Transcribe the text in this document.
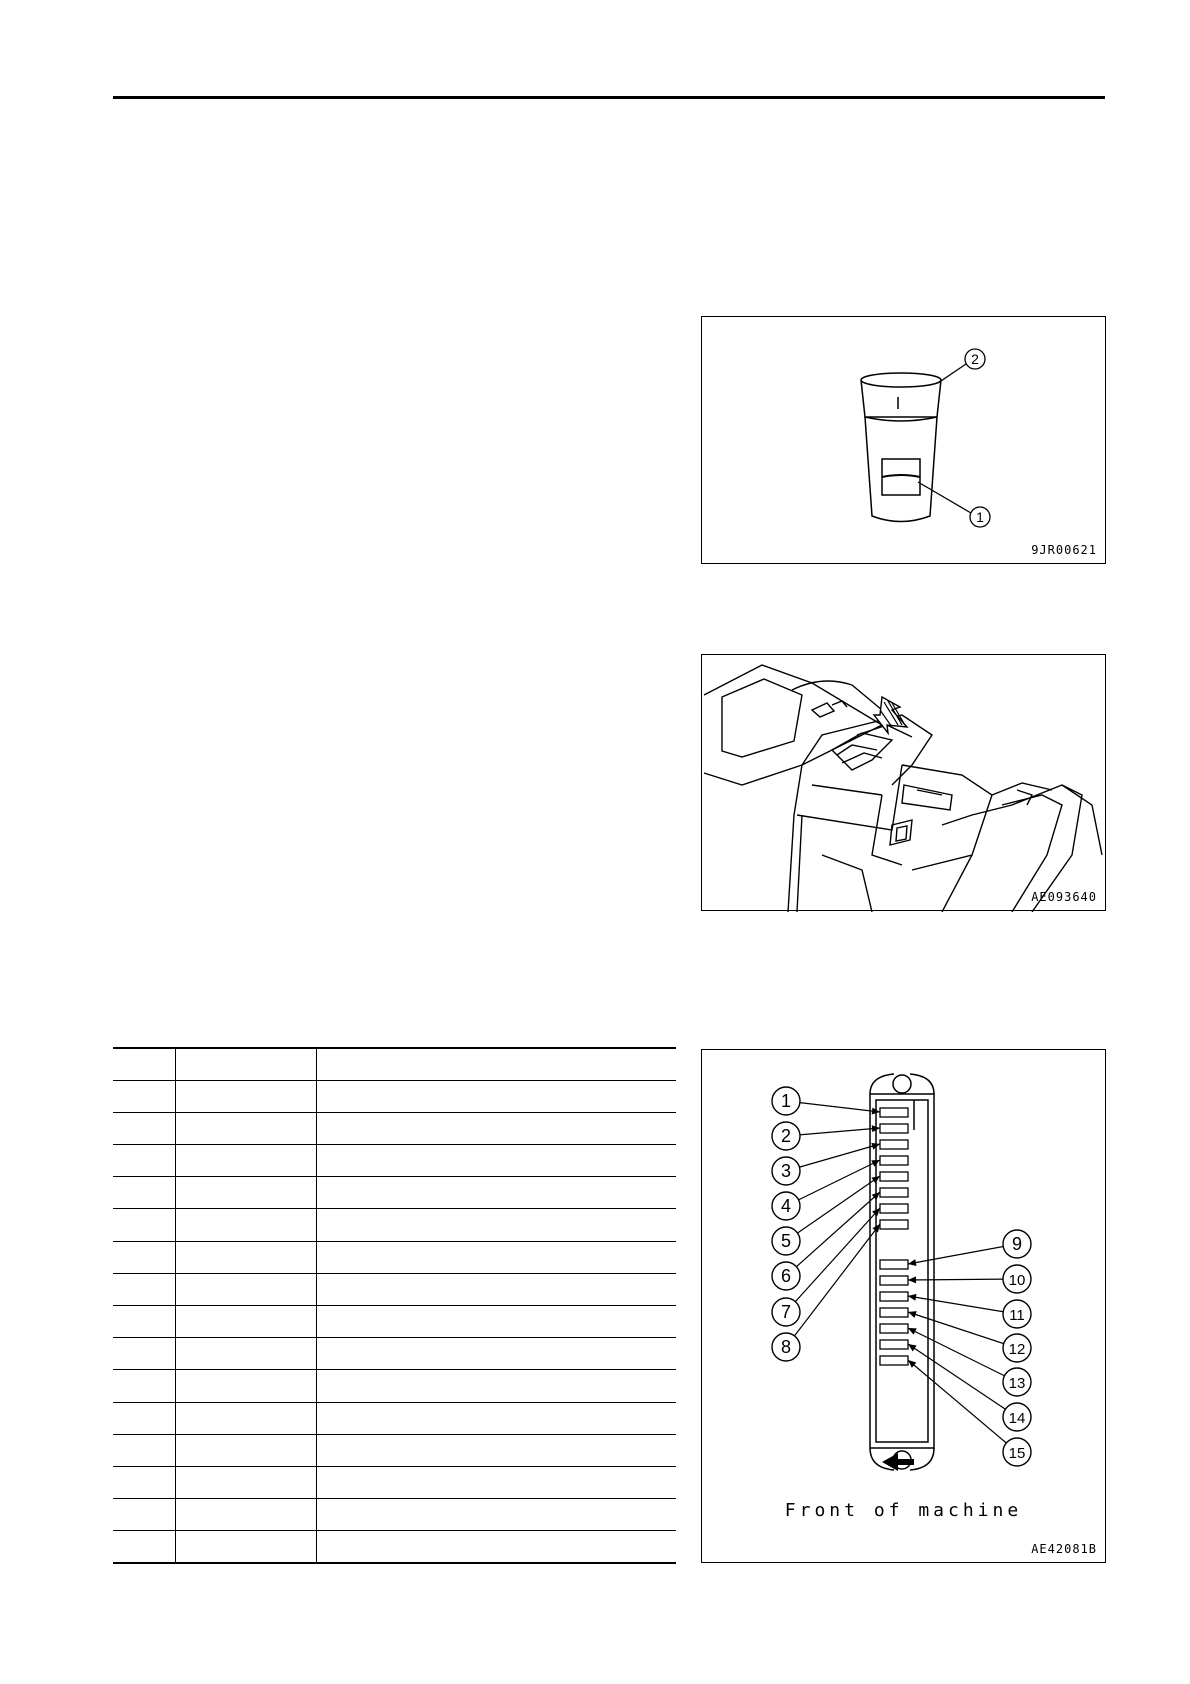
2
1
9JR00621
AE093640

1
2
3
4
5
6
7
8
9
10
11
12
13
14
15
Front of machine
AE42081B
